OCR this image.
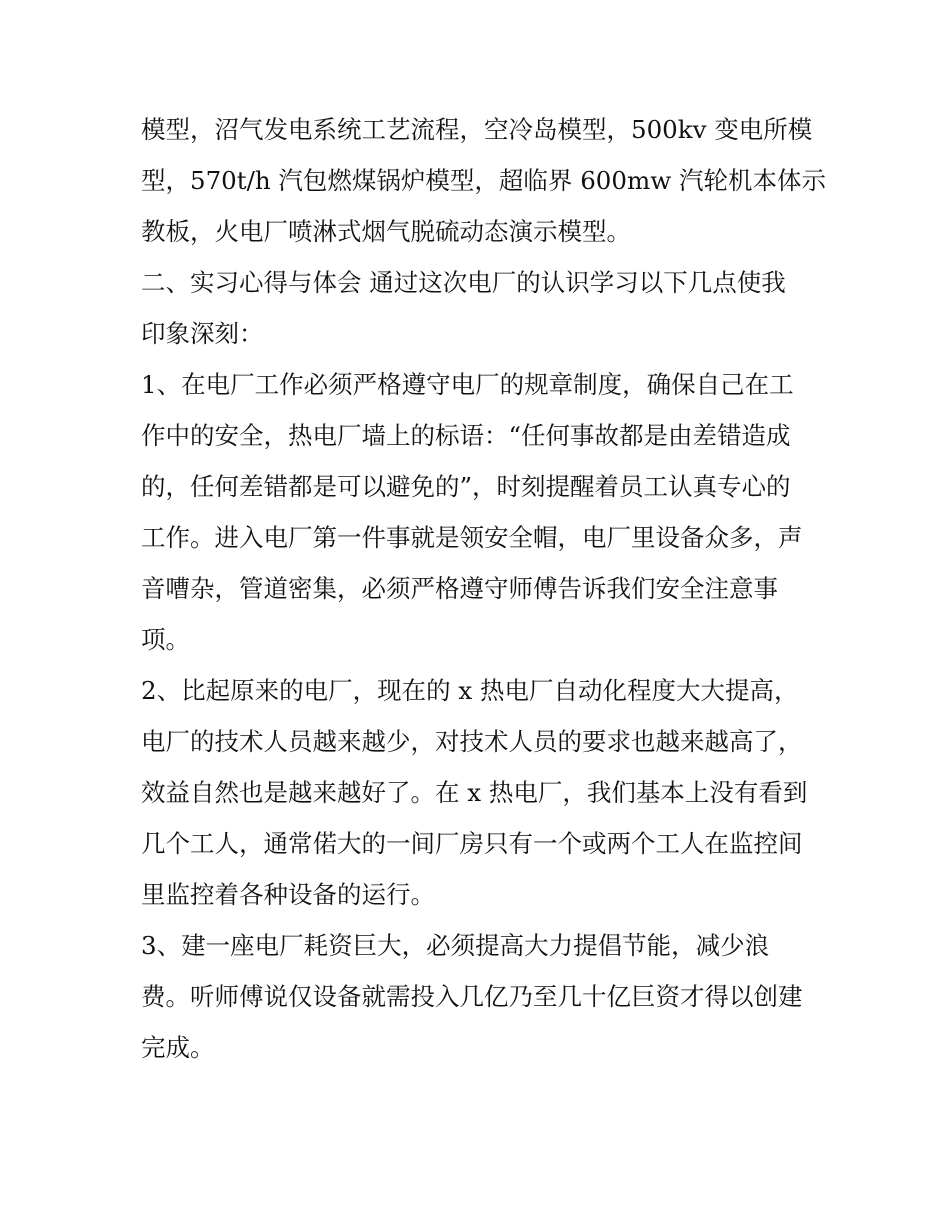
模型，沼气发电系统工艺流程，空冷岛模型，500kv 变电所模
型，570t/h 汽包燃煤锅炉模型，超临界 600mw 汽轮机本体示
教板，火电厂喷淋式烟气脱硫动态演示模型。
二、实习心得与体会 通过这次电厂的认识学习以下几点使我
印象深刻：
1、在电厂工作必须严格遵守电厂的规章制度，确保自己在工
作中的安全，热电厂墙上的标语：“任何事故都是由差错造成
的，任何差错都是可以避免的”，时刻提醒着员工认真专心的
工作。进入电厂第一件事就是领安全帽，电厂里设备众多，声
音嘈杂，管道密集，必须严格遵守师傅告诉我们安全注意事
项。
2、比起原来的电厂，现在的 x 热电厂自动化程度大大提高，
电厂的技术人员越来越少，对技术人员的要求也越来越高了，
效益自然也是越来越好了。在 x 热电厂，我们基本上没有看到
几个工人，通常偌大的一间厂房只有一个或两个工人在监控间
里监控着各种设备的运行。
3、建一座电厂耗资巨大，必须提高大力提倡节能，减少浪
费。听师傅说仅设备就需投入几亿乃至几十亿巨资才得以创建
完成。
